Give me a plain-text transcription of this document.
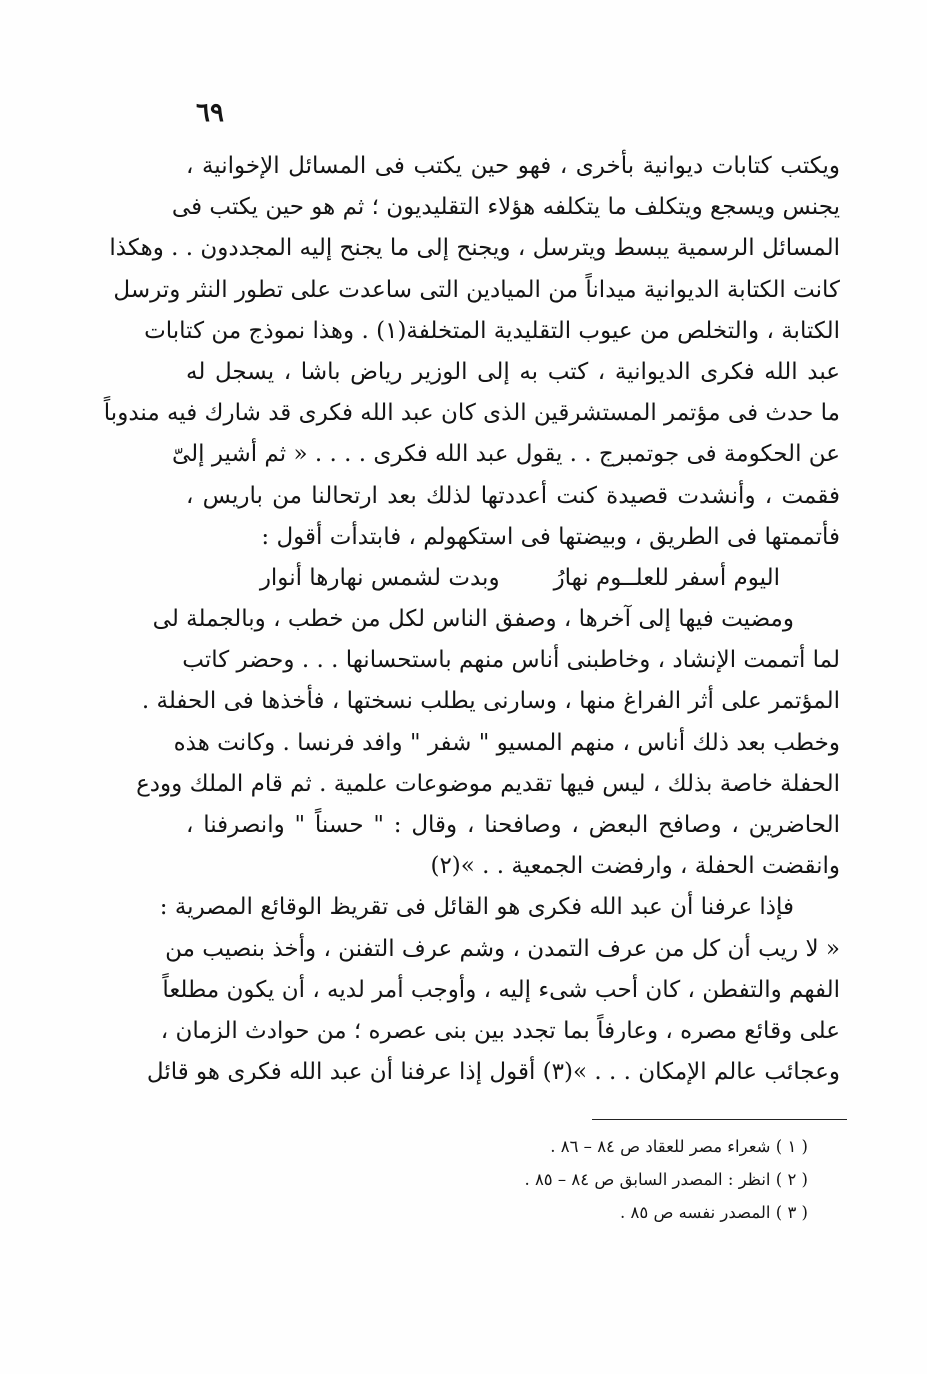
٦٩
ويكتب كتابات ديوانية بأخرى ، فهو حين يكتب فى المسائل الإخوانية ،
يجنس ويسجع ويتكلف ما يتكلفه هؤلاء التقليديون ؛ ثم هو حين يكتب فى
المسائل الرسمية يبسط ويترسل ، ويجنح إلى ما يجنح إليه المجددون . . وهكذا
كانت الكتابة الديوانية ميداناً من الميادين التى ساعدت على تطور النثر وترسل
الكتابة ، والتخلص من عيوب التقليدية المتخلفة(١) . وهذا نموذج من كتابات
عبد الله فكرى الديوانية ، كتب به إلى الوزير رياض باشا ، يسجل له
ما حدث فى مؤتمر المستشرقين الذى كان عبد الله فكرى قد شارك فيه مندوباً
عن الحكومة فى جوتمبرج . . يقول عبد الله فكرى . . . . « ثم أشير إلىّ
فقمت ، وأنشدت قصيدة كنت أعددتها لذلك بعد ارتحالنا من باريس ،
فأتممتها فى الطريق ، وبيضتها فى استكهولم ، فابتدأت أقول :
اليوم أسفر للعلــوم نهارُ
وبدت لشمس نهارها أنوار
ومضيت فيها إلى آخرها ، وصفق الناس لكل من خطب ، وبالجملة لى
لما أتممت الإنشاد ، وخاطبنى أناس منهم باستحسانها . . . وحضر كاتب
المؤتمر على أثر الفراغ منها ، وسارنى يطلب نسختها ، فأخذها فى الحفلة .
وخطب بعد ذلك أناس ، منهم المسيو " شفر " وافد فرنسا . وكانت هذه
الحفلة خاصة بذلك ، ليس فيها تقديم موضوعات علمية . ثم قام الملك وودع
الحاضرين ، وصافح البعض ، وصافحنا ، وقال : " حسناً " وانصرفنا ،
وانقضت الحفلة ، وارفضت الجمعية . . »(٢)
فإذا عرفنا أن عبد الله فكرى هو القائل فى تقريظ الوقائع المصرية :
« لا ريب أن كل من عرف التمدن ، وشم عرف التفنن ، وأخذ بنصيب من
الفهم والتفطن ، كان أحب شىء إليه ، وأوجب أمر لديه ، أن يكون مطلعاً
على وقائع مصره ، وعارفاً بما تجدد بين بنى عصره ؛ من حوادث الزمان ،
وعجائب عالم الإمكان . . . »(٣) أقول إذا عرفنا أن عبد الله فكرى هو قائل
( ١ ) شعراء مصر للعقاد ص ٨٤ – ٨٦ .
( ٢ ) انظر : المصدر السابق ص ٨٤ – ٨٥ .
( ٣ ) المصدر نفسه ص ٨٥ .
